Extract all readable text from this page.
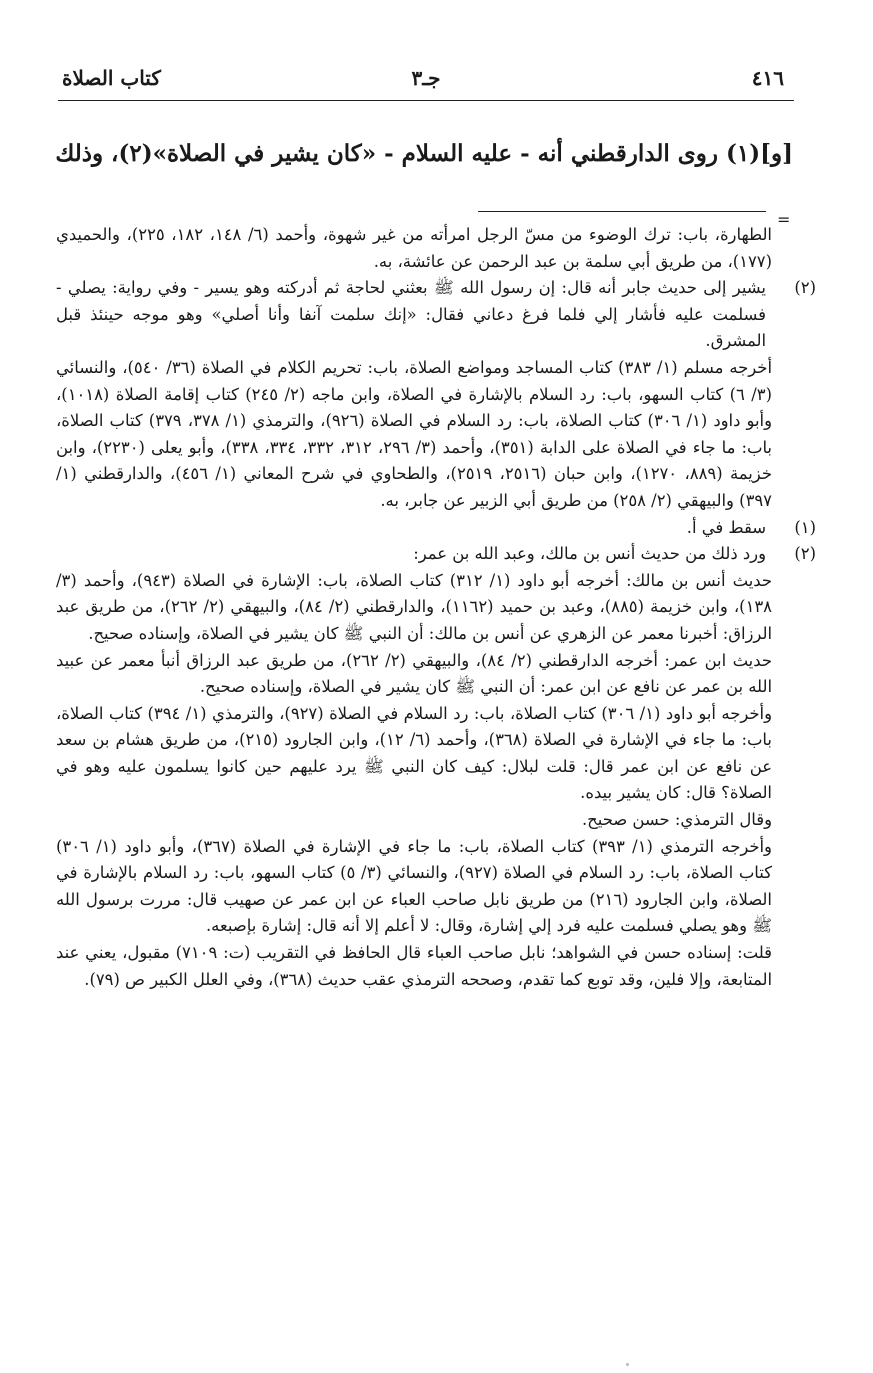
٤١٦
جـ٣
كتاب الصلاة
[و](١) روى الدارقطني أنه - عليه السلام - «كان يشير في الصلاة»(٢)، وذلك
=
الطهارة، باب: ترك الوضوء من مسّ الرجل امرأته من غير شهوة، وأحمد (٦/ ١٤٨، ١٨٢، ٢٢٥)، والحميدي (١٧٧)، من طريق أبي سلمة بن عبد الرحمن عن عائشة، به.
(٢)
يشير إلى حديث جابر أنه قال: إن رسول الله ﷺ بعثني لحاجة ثم أدركته وهو يسير - وفي رواية: يصلي - فسلمت عليه فأشار إلي فلما فرغ دعاني فقال: «إنك سلمت آنفا وأنا أصلي» وهو موجه حينئذ قبل المشرق.
أخرجه مسلم (١/ ٣٨٣) كتاب المساجد ومواضع الصلاة، باب: تحريم الكلام في الصلاة (٣٦/ ٥٤٠)، والنسائي (٣/ ٦) كتاب السهو، باب: رد السلام بالإشارة في الصلاة، وابن ماجه (٢/ ٢٤٥) كتاب إقامة الصلاة (١٠١٨)، وأبو داود (١/ ٣٠٦) كتاب الصلاة، باب: رد السلام في الصلاة (٩٢٦)، والترمذي (١/ ٣٧٨، ٣٧٩) كتاب الصلاة، باب: ما جاء في الصلاة على الدابة (٣٥١)، وأحمد (٣/ ٢٩٦، ٣١٢، ٣٣٢، ٣٣٤، ٣٣٨)، وأبو يعلى (٢٢٣٠)، وابن خزيمة (٨٨٩، ١٢٧٠)، وابن حبان (٢٥١٦، ٢٥١٩)، والطحاوي في شرح المعاني (١/ ٤٥٦)، والدارقطني (١/ ٣٩٧) والبيهقي (٢/ ٢٥٨) من طريق أبي الزبير عن جابر، به.
(١)
سقط في أ.
(٢)
ورد ذلك من حديث أنس بن مالك، وعبد الله بن عمر:
حديث أنس بن مالك: أخرجه أبو داود (١/ ٣١٢) كتاب الصلاة، باب: الإشارة في الصلاة (٩٤٣)، وأحمد (٣/ ١٣٨)، وابن خزيمة (٨٨٥)، وعبد بن حميد (١١٦٢)، والدارقطني (٢/ ٨٤)، والبيهقي (٢/ ٢٦٢)، من طريق عبد الرزاق: أخبرنا معمر عن الزهري عن أنس بن مالك: أن النبي ﷺ كان يشير في الصلاة، وإسناده صحيح.
حديث ابن عمر: أخرجه الدارقطني (٢/ ٨٤)، والبيهقي (٢/ ٢٦٢)، من طريق عبد الرزاق أنبأ معمر عن عبيد الله بن عمر عن نافع عن ابن عمر: أن النبي ﷺ كان يشير في الصلاة، وإسناده صحيح.
وأخرجه أبو داود (١/ ٣٠٦) كتاب الصلاة، باب: رد السلام في الصلاة (٩٢٧)، والترمذي (١/ ٣٩٤) كتاب الصلاة، باب: ما جاء في الإشارة في الصلاة (٣٦٨)، وأحمد (٦/ ١٢)، وابن الجارود (٢١٥)، من طريق هشام بن سعد عن نافع عن ابن عمر قال: قلت لبلال: كيف كان النبي ﷺ يرد عليهم حين كانوا يسلمون عليه وهو في الصلاة؟ قال: كان يشير بيده.
وقال الترمذي: حسن صحيح.
وأخرجه الترمذي (١/ ٣٩٣) كتاب الصلاة، باب: ما جاء في الإشارة في الصلاة (٣٦٧)، وأبو داود (١/ ٣٠٦) كتاب الصلاة، باب: رد السلام في الصلاة (٩٢٧)، والنسائي (٣/ ٥) كتاب السهو، باب: رد السلام بالإشارة في الصلاة، وابن الجارود (٢١٦) من طريق نابل صاحب العباء عن ابن عمر عن صهيب قال: مررت برسول الله ﷺ وهو يصلي فسلمت عليه فرد إلي إشارة، وقال: لا أعلم إلا أنه قال: إشارة بإصبعه.
قلت: إسناده حسن في الشواهد؛ نابل صاحب العباء قال الحافظ في التقريب (ت: ٧١٠٩) مقبول، يعني عند المتابعة، وإلا فلين، وقد توبع كما تقدم، وصححه الترمذي عقب حديث (٣٦٨)، وفي العلل الكبير ص (٧٩).
